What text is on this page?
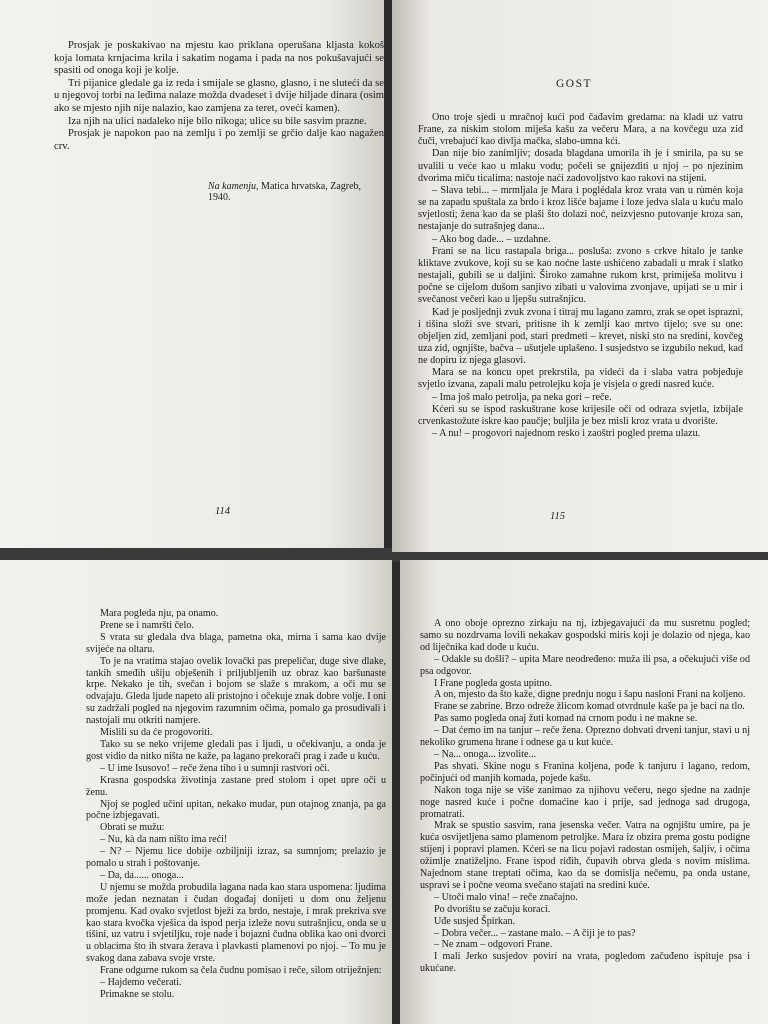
Prosjak je poskakivao na mjestu kao priklana operušana kljasta kokoš koja lomata krnjacima krila i sakatim nogama i pada na nos pokušavajući se spasiti od onoga koji je kolje.

Tri pijanice gledale ga iz reda i smijale se glasno, glasno, i ne sluteći da se u njegovoj torbi na leđima nalaze možda dvadeset i dvije hiljade dinara (osim ako se mjesto njih nije nalazio, kao zamjena za teret, ovećí kamen).

Iza njih na ulici nadaleko nije bilo nikoga; ulice su bile sasvim prazne.

Prosjak je napokon pao na zemlju i po zemlji se grčio dalje kao nagažen crv.

Na kamenju, Matica hrvatska, Zagreb, 1940.
114
GOST

Ono troje sjedi u mračnoj kući pod čađavim gredama: na kladi uz vatru Frane, za niskim stolom miješa kašu za večeru Mara, a na kovčegu uza zid čuči, vrebajući kao divlja mačka, slabo-umna kći.

Dan nije bio zanimljiv; dosada blagdana umorila ih je i smirila, pa su se uvalili u veće kao u mlaku vodu; počeli se gnijezditi u njoj – po njezinim dvorima miču ticalima: nastoje naći zadovoljstvo kao rakovi na stijeni.

– Slava tebi... – mrmljala je Mara i poglédala kroz vrata van u rùmèn koja se na zapadu spuštala za brdo i kroz lišće bajame i loze jedva slala u kuću malo svjetlosti; žena kao da se plaši što dolazi noć, neizvjesno putovanje kroza san, nestajanje do sutrašnjeg dana...

– Ako bog dade... – uzdahne.

Frani se na licu rastapala briga... posluša: zvono s crkve hitalo je tanke kliktave zvukove, koji su se kao noćne laste ushićeno zabadali u mrak i slatko nestajali, gubili se u daljini. Široko zamahne rukom krst, primiješa molitvu i počne se cijelom dušom sanjivo zibati u valovima zvonjave, upijati se u mir i svečanost večeri kao u ljepšu sutrašnjicu.

Kad je posljednji zvuk zvona i titraj mu lagano zamro, zrak se opet isprazni, i tišina složi sve stvari, pritisne ih k zemlji kao mrtvo tijelo; sve su one: objeljen zid, zemljani pod, stari predmeti – krevet, niski sto na sredini, kovčeg uza zid, ognjište, bačva – ušutjele uplašeno. I susjedstvo se izgubilo nekud, kad ne dopiru iz njega glasovi.

Mara se na koncu opet prekrstila, pa videći da i slaba vatra pobjeđuje svjetlo izvana, zapali malu petrolejku koja je visjela o gredi nasred kuće.

– Ima još malo petrolja, pa neka gori – reče.

Kćeri su se ispod raskuštrane kose krijesile oči od odraza svjetla, izbijale crvenkastožute iskre kao paučje; buljila je bez misli kroz vrata u dvorište.

– A nu! – progovori najednom resko i zaoštri pogled prema ulazu.

115

Mara pogleda nju, pa onamo.

Prene se i namršti čelo.

S vrata su gledala dva blaga, pametna oka, mirna i sama kao dvije svijeće na oltaru.

To je na vratima stajao ovelik lovački pas prepeličar, duge sive dlake, tankih smeđih ušiju obješenih i priljubljenih uz obraz kao baršunaste krpe. Nekako je tih, svečan i bojom se slaže s mrakom, a oči mu se odvajaju. Gleda ljude napeto ali pristojno i očekuje znak dobre volje. I oni su zadržali pogled na njegovim razumnim očima, pomalo ga prosudivali i nastojali mu otkriti namjere.

Mislili su da će progovoriti.

Tako su se neko vrijeme gledali pas i ljudi, u očekivanju, a onda je gost vidio da nitko ništa ne kaže, pa lagano prekorači prag i zađe u kuću.

– U ime Isusovo! – reče žena tiho i u sumnji rastvori oči.

Krasna gospodska životinja zastane pred stolom i opet upre oči u ženu.

Njoj se pogled učini upitan, nekako mudar, pun otajnog znanja, pa ga počne izbjegavati.

Obrati se mužu:

– Nu, kà da nam ništo ima reći!

– N? – Njemu lice dobije ozbiljniji izraz, sa sumnjom; prelazio je pomalo u strah i poštovanje.

– Da, da...... onoga...

U njemu se možda probudila lagana nada kao stara uspomena: ljudima može jedan neznatan i čudan događaj donijeti u dom onu željenu promjenu. Kad ovako svjetlost bježi za brdo, nestaje, i mrak prekriva sve kao stara kvočka vješica da ispod perja izleže novu sutrašnjicu, onda se u tišini, uz vatru i svjetiljku, roje nade i bojazni čudna oblika kao oni dvorci u oblacima što ih stvara žerava i plavkasti plamenovi po njoj. – To mu je svakog dana zabava svoje vrste.

Frane odgurne rukom sa čela čudnu pomisao i reče, silom otriježnjen:

– Hajdemo večerati.

Primakne se stolu.

A ono oboje oprezno zirkaju na nj, izbjegavajući da mu susretnu pogled; samo su nozdrvama lovili nekakav gospodski miris koji je dolazio od njega, kao od liječnika kad dođe u kuću.

– Odakle su došli? – upita Mare neodređeno: muža ili psa, a očekujući više od psa odgovor.

I Frane pogleda gosta upitno.

A on, mjesto da što kaže, digne prednju nogu i šapu nasloni Frani na koljeno.

Frane se zabrine. Brzo odreže žlicom komad otvrdnule kaše pa je baci na tlo.

Pas samo pogleda onaj žuti komad na crnom podu i ne makne se.

– Dat ćemo im na tanjur – reče žena. Oprezno dohvati drveni tanjur, stavi u nj nekoliko grumena hrane i odnese ga u kut kuće.

– Na... onoga... izvolite...

Pas shvati. Skine nogu s Franina koljena, pođe k tanjuru i lagano, redom, počinjući od manjih komada, pojede kašu.

Nakon toga nije se više zanimao za njihovu večeru, nego sjedne na zadnje noge nasred kuće i počne domaćine kao i prije, sad jednoga sad drugoga, promatrati.

Mrak se spustio sasvim, rana jesenska večer. Vatra na ognjištu umire, pa je kuća osvijetljena samo plamenom petrolјke. Mara iz obzira prema gostu podigne stijenj i popravi plamen. Kćeri se na licu pojavi radostan osmijeh, šaljiv, i očima ožimlje znatiželjno. Frane ispod riđih, čupavih obrva gleda s novim mislima. Najednom stane treptati očima, kao da se domislja nečemu, pa onda ustane, uspravi se i počne veoma svečano stajati na sredini kuće.

– Utoči malo vina! – reče značajno.

Po dvorištu se začuju koraci.

Uđe susjed Špirkan.

– Dobra večer... – zastane malo. – A čiji je to pas?

– Ne znam – odgovori Frane.

I mali Jerko susjedov povirí na vrata, pogledom začuđeno ispituje psa i ukućane.
